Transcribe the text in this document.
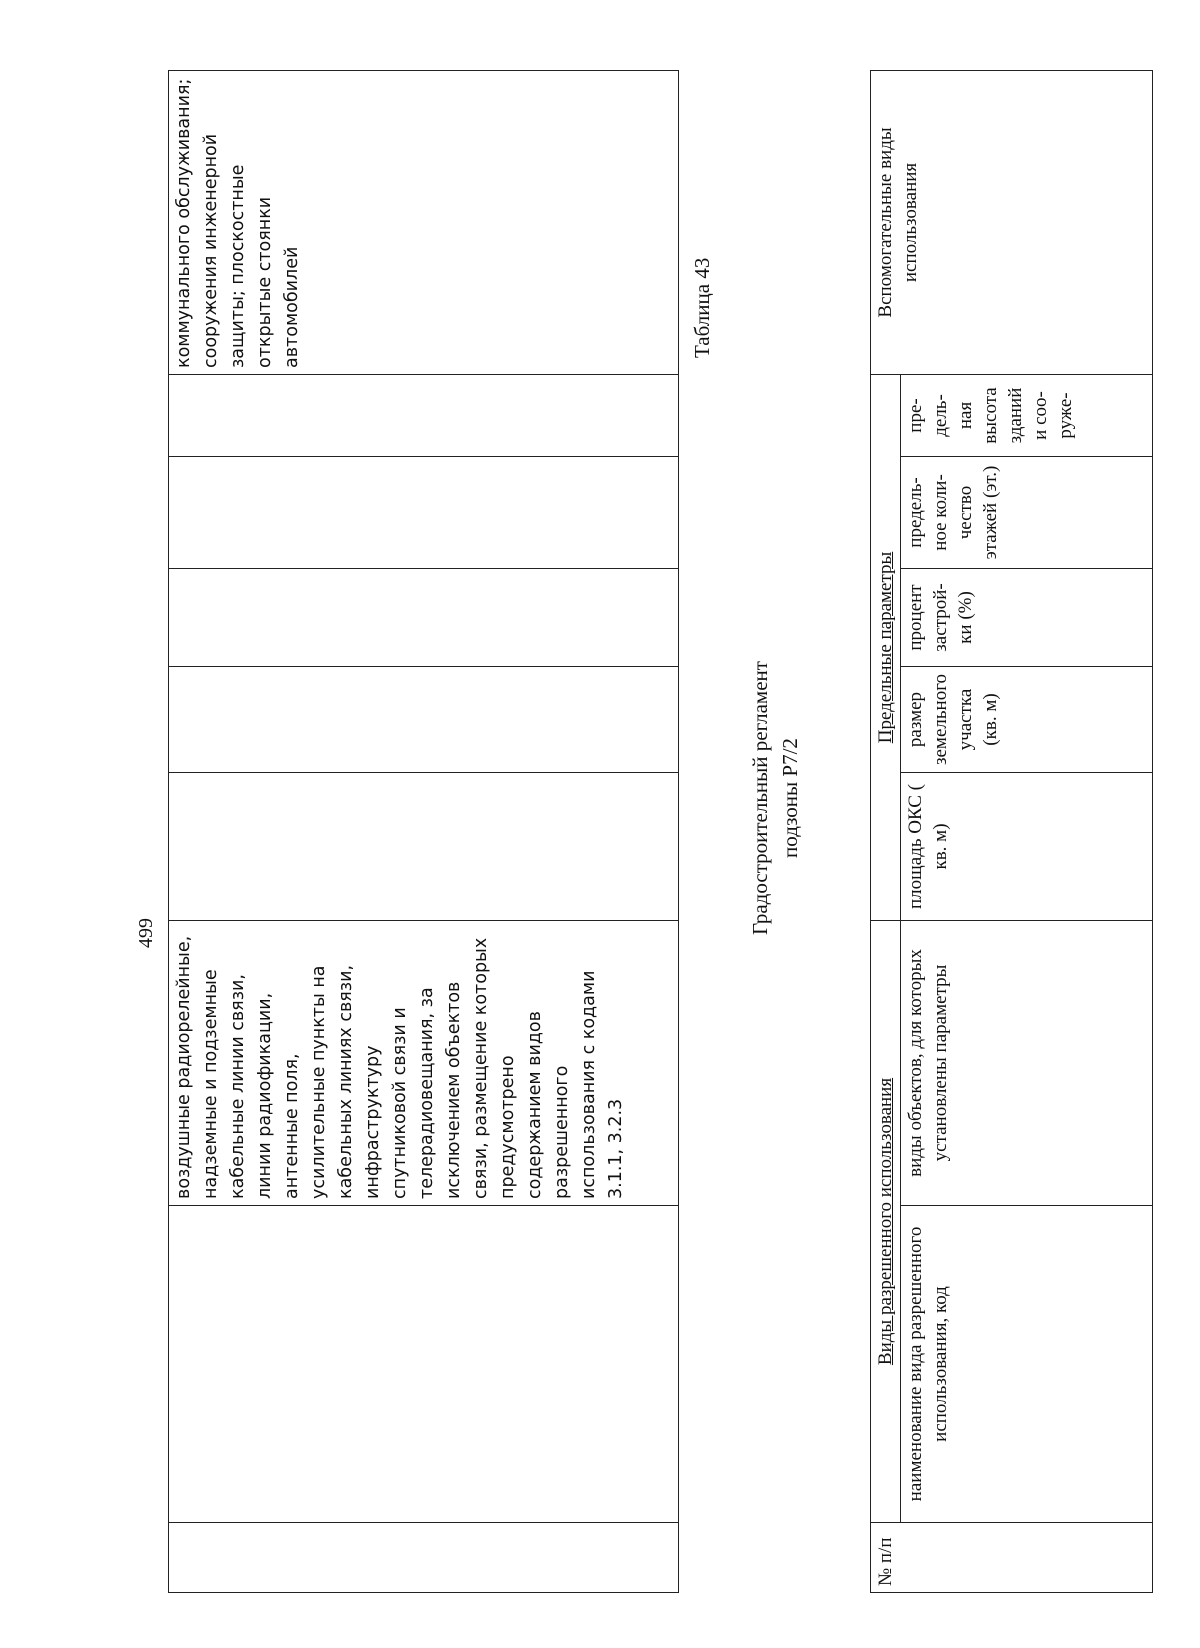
499
		воздушные радиорелейные, надземные и подземные кабельные линии связи, линии радиофикации, антенные поля, усилительные пункты на кабельных линиях связи, инфраструктуру спутниковой связи и телерадиовещания, за исключением объектов связи, размещение которых предусмотрено содержанием видов разрешенного использования с кодами 3.1.1, 3.2.3						коммунального обслуживания; сооружения инженерной защиты; плоскостные открытые стоянки автомобилей	Таблица 43
Градостроительный регламент подзоны Р7/2
№ п/п	Виды разрешенного использования		Предельные параметры					Вспомогательные виды использования
	наименование вида разрешенного использования, код	виды объектов, для которых установлены параметры	площадь ОКС ( кв. м)	размер земельного участка (кв. м)	процент застрой- ки (%)	предель- ное коли- чество этажей (эт.)	пре- дель- ная высота зданий и соо- руже-	
